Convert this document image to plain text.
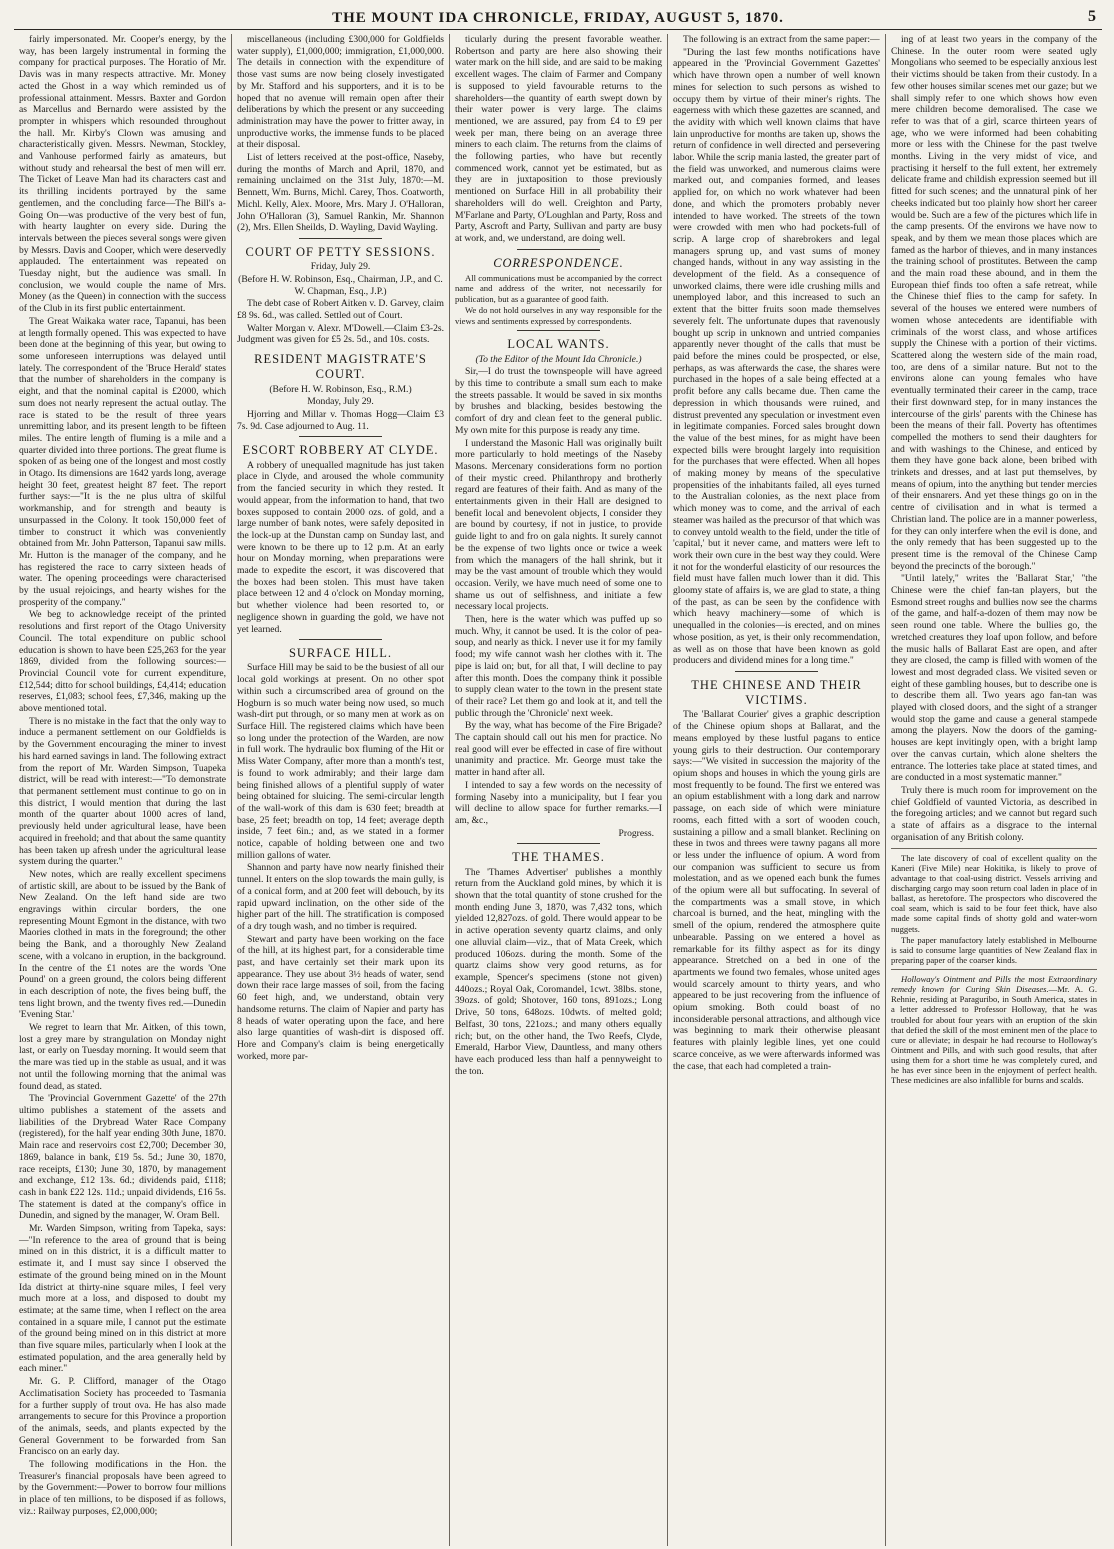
THE MOUNT IDA CHRONICLE, FRIDAY, AUGUST 5, 1870.	5

fairly impersonated. Mr. Cooper's energy, by the way, has been largely instrumental in forming the company for practical purposes. The Horatio of Mr. Davis was in many respects attractive. Mr. Money acted the Ghost in a way which reminded us of professional attainment. Messrs. Baxter and Gordon as Marcellus and Bernardo were assisted by the prompter in whispers which resounded throughout the hall. Mr. Kirby's Clown was amusing and characteristically given. Messrs. Newman, Stockley, and Vanhouse performed fairly as amateurs, but without study and rehearsal the best of men will err. The Ticket of Leave Man had its characters cast and its thrilling incidents portrayed by the same gentlemen, and the concluding farce—The Bill's a-Going On—was productive of the very best of fun, with hearty laughter on every side. During the intervals between the pieces several songs were given by Messrs. Davis and Cooper, which were deservedly applauded. The entertainment was repeated on Tuesday night, but the audience was small. In conclusion, we would couple the name of Mrs. Money (as the Queen) in connection with the success of the Club in its first public entertainment.

The Great Waikaka water race, Tapanui, has been at length formally opened. This was expected to have been done at the beginning of this year, but owing to some unforeseen interruptions was delayed until lately. The correspondent of the 'Bruce Herald' states that the number of shareholders in the company is eight, and that the nominal capital is £2000, which sum does not nearly represent the actual outlay. The race is stated to be the result of three years unremitting labor, and its present length to be fifteen miles. The entire length of fluming is a mile and a quarter divided into three portions. The great flume is spoken of as being one of the longest and most costly in Otago. Its dimensions are 1642 yards long, average height 30 feet, greatest height 87 feet. The report further says:—"It is the ne plus ultra of skilful workmanship, and for strength and beauty is unsurpassed in the Colony. It took 150,000 feet of timber to construct it which was conveniently obtained from Mr. John Patterson, Tapanui saw mills. Mr. Hutton is the manager of the company, and he has registered the race to carry sixteen heads of water. The opening proceedings were characterised by the usual rejoicings, and hearty wishes for the prosperity of the company."

We beg to acknowledge receipt of the printed resolutions and first report of the Otago University Council. The total expenditure on public school education is shown to have been £25,263 for the year 1869, divided from the following sources:—Provincial Council vote for current expenditure, £12,544; ditto for school buildings, £4,414; education reserves, £1,083; school fees, £7,346, making up the above mentioned total.

There is no mistake in the fact that the only way to induce a permanent settlement on our Goldfields is by the Government encouraging the miner to invest his hard earned savings in land. The following extract from the report of Mr. Warden Simpson, Tuapeka district, will be read with interest:—"To demonstrate that permanent settlement must continue to go on in this district, I would mention that during the last month of the quarter about 1000 acres of land, previously held under agricultural lease, have been acquired in freehold; and that about the same quantity has been taken up afresh under the agricultural lease system during the quarter."

New notes, which are really excellent specimens of artistic skill, are about to be issued by the Bank of New Zealand. On the left hand side are two engravings within circular borders, the one representing Mount Egmont in the distance, with two Maories clothed in mats in the foreground; the other being the Bank, and a thoroughly New Zealand scene, with a volcano in eruption, in the background. In the centre of the £1 notes are the words 'One Pound' on a green ground, the colors being different in each description of note, the fives being buff, the tens light brown, and the twenty fives red.—Dunedin 'Evening Star.'

We regret to learn that Mr. Aitken, of this town, lost a grey mare by strangulation on Monday night last, or early on Tuesday morning. It would seem that the mare was tied up in the stable as usual, and it was not until the following morning that the animal was found dead, as stated.

The 'Provincial Government Gazette' of the 27th ultimo publishes a statement of the assets and liabilities of the Drybread Water Race Company (registered), for the half year ending 30th June, 1870. Main race and reservoirs cost £2,700; December 30, 1869, balance in bank, £19 5s. 5d.; June 30, 1870, race receipts, £130; June 30, 1870, by management and exchange, £12 13s. 6d.; dividends paid, £118; cash in bank £22 12s. 11d.; unpaid dividends, £16 5s. The statement is dated at the company's office in Dunedin, and signed by the manager, W. Oram Bell.

Mr. Warden Simpson, writing from Tapeka, says:—"In reference to the area of ground that is being mined on in this district, it is a difficult matter to estimate it, and I must say since I observed the estimate of the ground being mined on in the Mount Ida district at thirty-nine square miles, I feel very much more at a loss, and disposed to doubt my estimate; at the same time, when I reflect on the area contained in a square mile, I cannot put the estimate of the ground being mined on in this district at more than five square miles, particularly when I look at the estimated population, and the area generally held by each miner."

Mr. G. P. Clifford, manager of the Otago Acclimatisation Society has proceeded to Tasmania for a further supply of trout ova. He has also made arrangements to secure for this Province a proportion of the animals, seeds, and plants expected by the General Government to be forwarded from San Francisco on an early day.

The following modifications in the Hon. the Treasurer's financial proposals have been agreed to by the Government:—Power to borrow four millions in place of ten millions, to be disposed if as follows, viz.: Railway purposes, £2,000,000;

miscellaneous (including £300,000 for Goldfields water supply), £1,000,000; immigration, £1,000,000. The details in connection with the expenditure of those vast sums are now being closely investigated by Mr. Stafford and his supporters, and it is to be hoped that no avenue will remain open after their deliberations by which the present or any succeeding administration may have the power to fritter away, in unproductive works, the immense funds to be placed at their disposal.

List of letters received at the post-office, Naseby, during the months of March and April, 1870, and remaining unclaimed on the 31st July, 1870:—M. Bennett, Wm. Burns, Michl. Carey, Thos. Coatworth, Michl. Kelly, Alex. Moore, Mrs. Mary J. O'Halloran, John O'Halloran (3), Samuel Rankin, Mr. Shannon (2), Mrs. Ellen Sheilds, D. Wayling, David Wayling.

COURT OF PETTY SESSIONS.

Friday, July 29.

(Before H. W. Robinson, Esq., Chairman, J.P., and C. W. Chapman, Esq., J.P.)

The debt case of Robert Aitken v. D. Garvey, claim £8 9s. 6d., was called. Settled out of Court.

Walter Morgan v. Alexr. M'Dowell.—Claim £3-2s. Judgment was given for £5 2s. 5d., and 10s. costs.

RESIDENT MAGISTRATE'S COURT.

(Before H. W. Robinson, Esq., R.M.)

Monday, July 29.

Hjorring and Millar v. Thomas Hogg—Claim £3 7s. 9d. Case adjourned to Aug. 11.

ESCORT ROBBERY AT CLYDE.

A robbery of unequalled magnitude has just taken place in Clyde, and aroused the whole community from the fancied security in which they rested. It would appear, from the information to hand, that two boxes supposed to contain 2000 ozs. of gold, and a large number of bank notes, were safely deposited in the lock-up at the Dunstan camp on Sunday last, and were known to be there up to 12 p.m. At an early hour on Monday morning, when preparations were made to expedite the escort, it was discovered that the boxes had been stolen. This must have taken place between 12 and 4 o'clock on Monday morning, but whether violence had been resorted to, or negligence shown in guarding the gold, we have not yet learned.

SURFACE HILL.

Surface Hill may be said to be the busiest of all our local gold workings at present. On no other spot within such a circumscribed area of ground on the Hogburn is so much water being now used, so much wash-dirt put through, or so many men at work as on Surface Hill. The registered claims which have been so long under the protection of the Warden, are now in full work. The hydraulic box fluming of the Hit or Miss Water Company, after more than a month's test, is found to work admirably; and their large dam being finished allows of a plentiful supply of water being obtained for sluicing. The semi-circular length of the wall-work of this dam is 630 feet; breadth at base, 25 feet; breadth on top, 14 feet; average depth inside, 7 feet 6in.; and, as we stated in a former notice, capable of holding between one and two million gallons of water.

Shannon and party have now nearly finished their tunnel. It enters on the slop towards the main gully, is of a conical form, and at 200 feet will debouch, by its rapid upward inclination, on the other side of the higher part of the hill. The stratification is composed of a dry tough wash, and no timber is required.

Stewart and party have been working on the face of the hill, at its highest part, for a considerable time past, and have certainly set their mark upon its appearance. They use about 3½ heads of water, send down their race large masses of soil, from the facing 60 feet high, and, we understand, obtain very handsome returns. The claim of Napier and party has 8 heads of water operating upon the face, and here also large quantities of wash-dirt is disposed off. Hore and Company's claim is being energetically worked, more par-

ticularly during the present favorable weather. Robertson and party are here also showing their water mark on the hill side, and are said to be making excellent wages. The claim of Farmer and Company is supposed to yield favourable returns to the shareholders—the quantity of earth swept down by their water power is very large. The claims mentioned, we are assured, pay from £4 to £9 per week per man, there being on an average three miners to each claim. The returns from the claims of the following parties, who have but recently commenced work, cannot yet be estimated, but as they are in juxtaposition to those previously mentioned on Surface Hill in all probability their shareholders will do well. Creighton and Party, M'Farlane and Party, O'Loughlan and Party, Ross and Party, Ascroft and Party, Sullivan and party are busy at work, and, we understand, are doing well.

CORRESPONDENCE.

All communications must be accompanied by the correct name and address of the writer, not necessarily for publication, but as a guarantee of good faith.

We do not hold ourselves in any way responsible for the views and sentiments expressed by correspondents.

LOCAL WANTS.

(To the Editor of the Mount Ida Chronicle.)

Sir,—I do trust the townspeople will have agreed by this time to contribute a small sum each to make the streets passable. It would be saved in six months by brushes and blacking, besides bestowing the comfort of dry and clean feet to the general public. My own mite for this purpose is ready any time.

I understand the Masonic Hall was originally built more particularly to hold meetings of the Naseby Masons. Mercenary considerations form no portion of their mystic creed. Philanthropy and brotherly regard are features of their faith. And as many of the entertainments given in their Hall are designed to benefit local and benevolent objects, I consider they are bound by courtesy, if not in justice, to provide guide light to and fro on gala nights. It surely cannot be the expense of two lights once or twice a week from which the managers of the hall shrink, but it may be the vast amount of trouble which they would occasion. Verily, we have much need of some one to shame us out of selfishness, and initiate a few necessary local projects.

Then, here is the water which was puffed up so much. Why, it cannot be used. It is the color of pea-soup, and nearly as thick. I never use it for my family food; my wife cannot wash her clothes with it. The pipe is laid on; but, for all that, I will decline to pay after this month. Does the company think it possible to supply clean water to the town in the present state of their race? Let them go and look at it, and tell the public through the 'Chronicle' next week.

By the way, what has become of the Fire Brigade? The captain should call out his men for practice. No real good will ever be effected in case of fire without unanimity and practice. Mr. George must take the matter in hand after all.

I intended to say a few words on the necessity of forming Naseby into a municipality, but I fear you will decline to allow space for further remarks.—I am, &c.,

Progress.

THE THAMES.

The 'Thames Advertiser' publishes a monthly return from the Auckland gold mines, by which it is shown that the total quantity of stone crushed for the month ending June 3, 1870, was 7,432 tons, which yielded 12,827ozs. of gold. There would appear to be in active operation seventy quartz claims, and only one alluvial claim—viz., that of Mata Creek, which produced 106ozs. during the month. Some of the quartz claims show very good returns, as for example, Spencer's specimens (stone not given) 440ozs.; Royal Oak, Coromandel, 1cwt. 38lbs. stone, 39ozs. of gold; Shotover, 160 tons, 891ozs.; Long Drive, 50 tons, 648ozs. 10dwts. of melted gold; Belfast, 30 tons, 221ozs.; and many others equally rich; but, on the other hand, the Two Reefs, Clyde, Emerald, Harbor View, Dauntless, and many others have each produced less than half a pennyweight to the ton.

The following is an extract from the same paper:—

"During the last few months notifications have appeared in the 'Provincial Government Gazettes' which have thrown open a number of well known mines for selection to such persons as wished to occupy them by virtue of their miner's rights. The eagerness with which these gazettes are scanned, and the avidity with which well known claims that have lain unproductive for months are taken up, shows the return of confidence in well directed and persevering labor. While the scrip mania lasted, the greater part of the field was unworked, and numerous claims were marked out, and companies formed, and leases applied for, on which no work whatever had been done, and which the promoters probably never intended to have worked. The streets of the town were crowded with men who had pockets-full of scrip. A large crop of sharebrokers and legal managers sprung up, and vast sums of money changed hands, without in any way assisting in the development of the field. As a consequence of unworked claims, there were idle crushing mills and unemployed labor, and this increased to such an extent that the bitter fruits soon made themselves severely felt. The unfortunate dupes that ravenously bought up scrip in unknown and untried companies apparently never thought of the calls that must be paid before the mines could be prospected, or else, perhaps, as was afterwards the case, the shares were purchased in the hopes of a sale being effected at a profit before any calls became due. Then came the depression in which thousands were ruined, and distrust prevented any speculation or investment even in legitimate companies. Forced sales brought down the value of the best mines, for as might have been expected bills were brought largely into requisition for the purchases that were effected. When all hopes of making money by means of the speculative propensities of the inhabitants failed, all eyes turned to the Australian colonies, as the next place from which money was to come, and the arrival of each steamer was hailed as the precursor of that which was to convey untold wealth to the field, under the title of 'capital,' but it never came, and matters were left to work their own cure in the best way they could. Were it not for the wonderful elasticity of our resources the field must have fallen much lower than it did. This gloomy state of affairs is, we are glad to state, a thing of the past, as can be seen by the confidence with which heavy machinery—some of which is unequalled in the colonies—is erected, and on mines whose position, as yet, is their only recommendation, as well as on those that have been known as gold producers and dividend mines for a long time."

THE CHINESE AND THEIR VICTIMS.

The 'Ballarat Courier' gives a graphic description of the Chinese opium shops at Ballarat, and the means employed by these lustful pagans to entice young girls to their destruction. Our contemporary says:—"We visited in succession the majority of the opium shops and houses in which the young girls are most frequently to be found. The first we entered was an opium establishment with a long dark and narrow passage, on each side of which were miniature rooms, each fitted with a sort of wooden couch, sustaining a pillow and a small blanket. Reclining on these in twos and threes were tawny pagans all more or less under the influence of opium. A word from our companion was sufficient to secure us from molestation, and as we opened each bunk the fumes of the opium were all but suffocating. In several of the compartments was a small stove, in which charcoal is burned, and the heat, mingling with the smell of the opium, rendered the atmosphere quite unbearable. Passing on we entered a hovel as remarkable for its filthy aspect as for its dingy appearance. Stretched on a bed in one of the apartments we found two females, whose united ages would scarcely amount to thirty years, and who appeared to be just recovering from the influence of opium smoking. Both could boast of no inconsiderable personal attractions, and although vice was beginning to mark their otherwise pleasant features with plainly legible lines, yet one could scarce conceive, as we were afterwards informed was the case, that each had completed a train-

ing of at least two years in the company of the Chinese. In the outer room were seated ugly Mongolians who seemed to be especially anxious lest their victims should be taken from their custody. In a few other houses similar scenes met our gaze; but we shall simply refer to one which shows how even mere children become demoralised. The case we refer to was that of a girl, scarce thirteen years of age, who we were informed had been cohabiting more or less with the Chinese for the past twelve months. Living in the very midst of vice, and practising it herself to the full extent, her extremely delicate frame and childish expression seemed but ill fitted for such scenes; and the unnatural pink of her cheeks indicated but too plainly how short her career would be. Such are a few of the pictures which life in the camp presents. Of the environs we have now to speak, and by them we mean those places which are famed as the harbor of thieves, and in many instances the training school of prostitutes. Between the camp and the main road these abound, and in them the European thief finds too often a safe retreat, while the Chinese thief flies to the camp for safety. In several of the houses we entered were numbers of women whose antecedents are identifiable with criminals of the worst class, and whose artifices supply the Chinese with a portion of their victims. Scattered along the western side of the main road, too, are dens of a similar nature. But not to the environs alone can young females who have eventually terminated their career in the camp, trace their first downward step, for in many instances the intercourse of the girls' parents with the Chinese has been the means of their fall. Poverty has oftentimes compelled the mothers to send their daughters for and with washings to the Chinese, and enticed by them they have gone back alone, been bribed with trinkets and dresses, and at last put themselves, by means of opium, into the anything but tender mercies of their ensnarers. And yet these things go on in the centre of civilisation and in what is termed a Christian land. The police are in a manner powerless, for they can only interfere when the evil is done, and the only remedy that has been suggested up to the present time is the removal of the Chinese Camp beyond the precincts of the borough."

"Until lately," writes the 'Ballarat Star,' "the Chinese were the chief fan-tan players, but the Esmond street roughs and bullies now see the charms of the game, and half-a-dozen of them may now be seen round one table. Where the bullies go, the wretched creatures they loaf upon follow, and before the music halls of Ballarat East are open, and after they are closed, the camp is filled with women of the lowest and most degraded class. We visited seven or eight of these gambling houses, but to describe one is to describe them all. Two years ago fan-tan was played with closed doors, and the sight of a stranger would stop the game and cause a general stampede among the players. Now the doors of the gaming-houses are kept invitingly open, with a bright lamp over the canvas curtain, which alone shelters the entrance. The lotteries take place at stated times, and are conducted in a most systematic manner."

Truly there is much room for improvement on the chief Goldfield of vaunted Victoria, as described in the foregoing articles; and we cannot but regard such a state of affairs as a disgrace to the internal organisation of any British colony.

The late discovery of coal of excellent quality on the Kaneri (Five Mile) near Hokitika, is likely to prove of advantage to that coal-using district. Vessels arriving and discharging cargo may soon return coal laden in place of in ballast, as heretofore. The prospectors who discovered the coal seam, which is said to be four feet thick, have also made some capital finds of shotty gold and water-worn nuggets.

The paper manufactory lately established in Melbourne is said to consume large quantities of New Zealand flax in preparing paper of the coarser kinds.

Holloway's Ointment and Pills the most Extraordinary remedy known for Curing Skin Diseases.—Mr. A. G. Rehnie, residing at Paraguribo, in South America, states in a letter addressed to Professor Holloway, that he was troubled for about four years with an eruption of the skin that defied the skill of the most eminent men of the place to cure or alleviate; in despair he had recourse to Holloway's Ointment and Pills, and with such good results, that after using them for a short time he was completely cured, and he has ever since been in the enjoyment of perfect health. These medicines are also infallible for burns and scalds.
